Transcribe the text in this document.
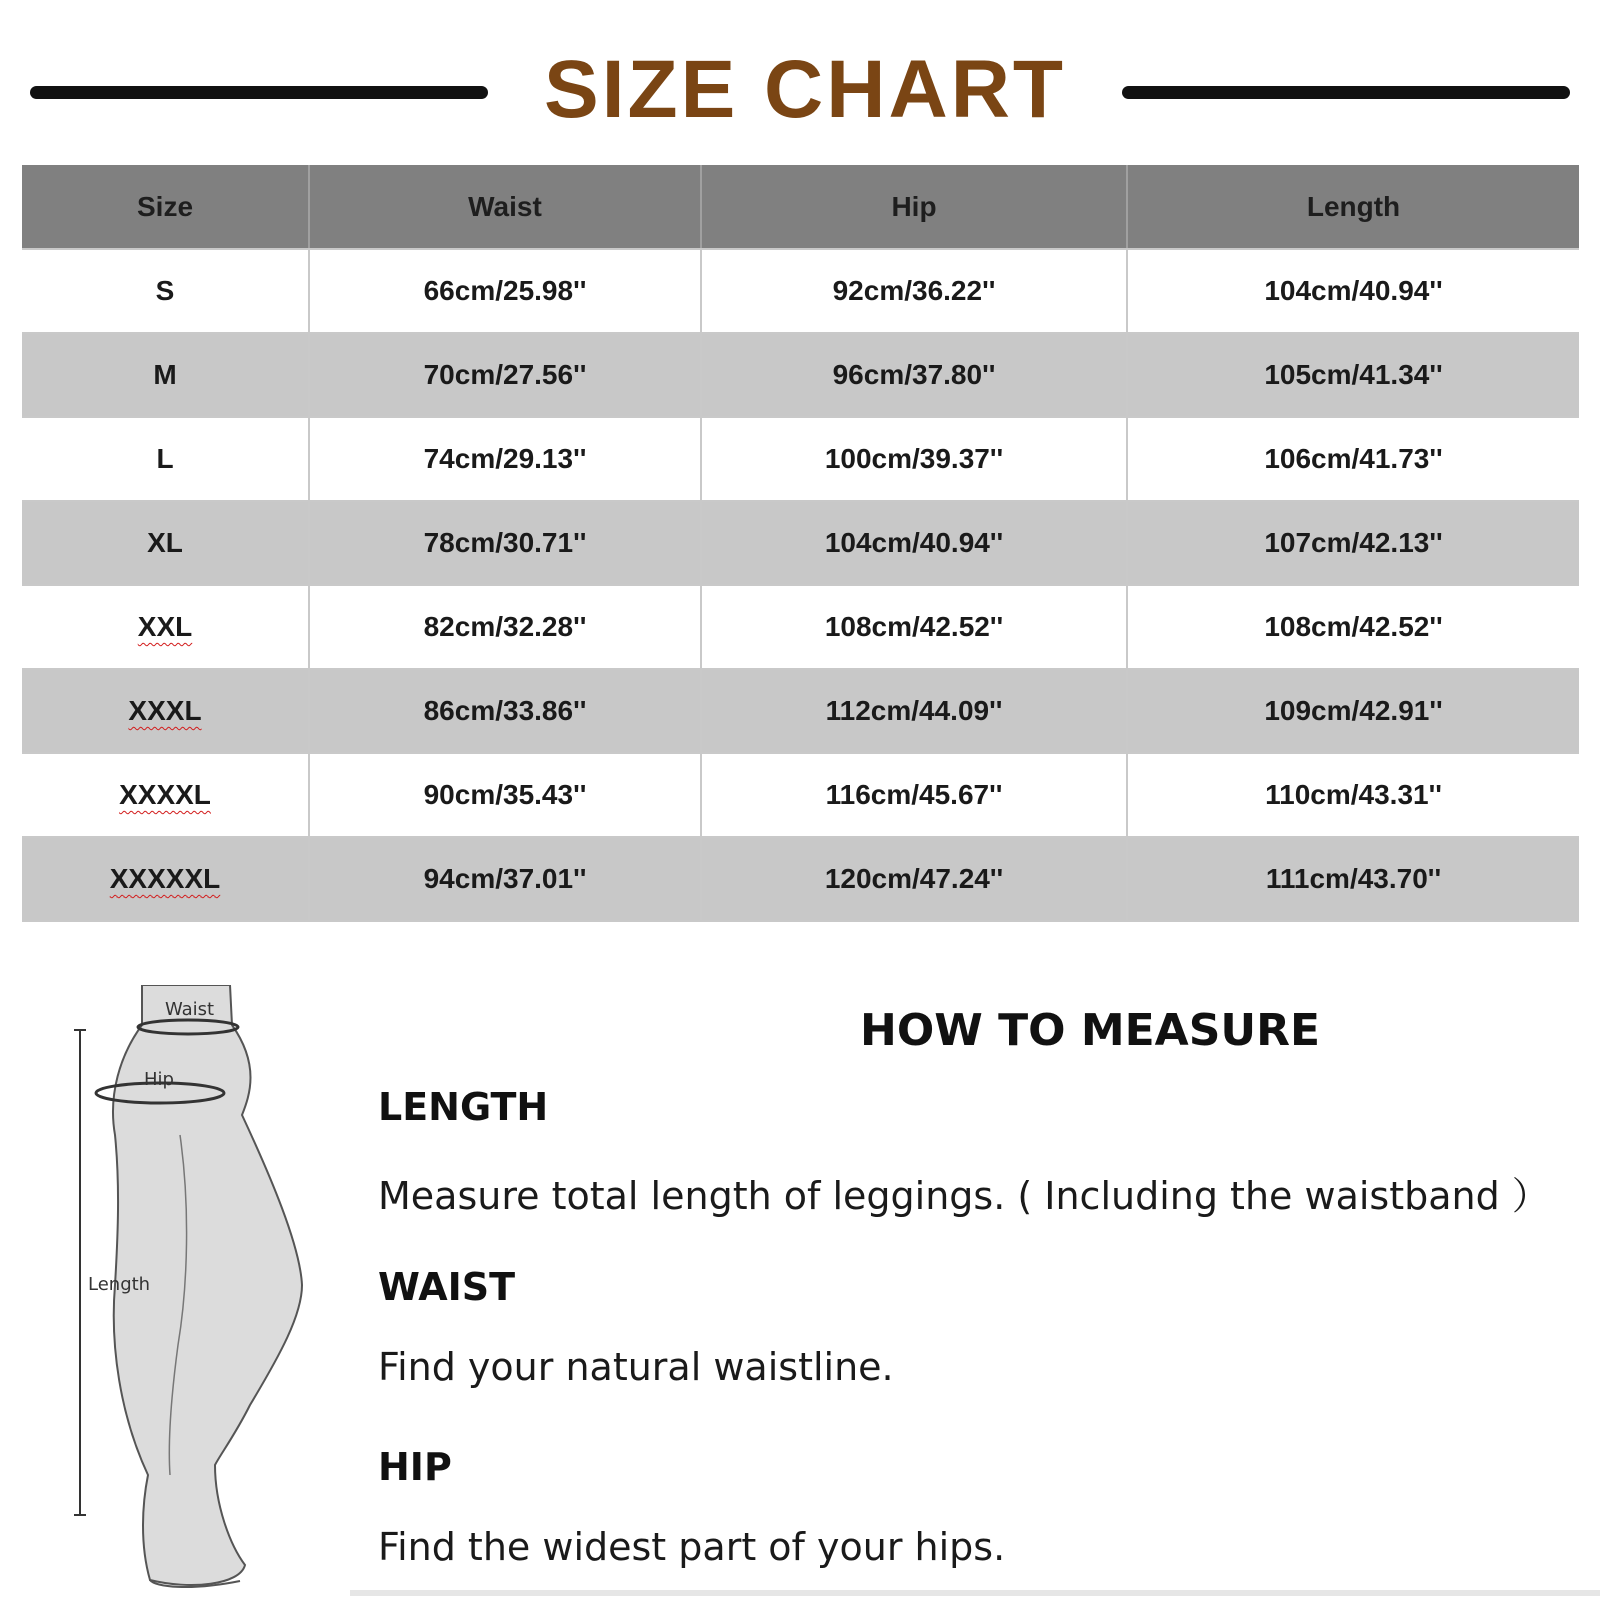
SIZE CHART
Size	Waist	Hip	Length
S	66cm/25.98''	92cm/36.22''	104cm/40.94''
M	70cm/27.56''	96cm/37.80''	105cm/41.34''
L	74cm/29.13''	100cm/39.37''	106cm/41.73''
XL	78cm/30.71''	104cm/40.94''	107cm/42.13''
XXL	82cm/32.28''	108cm/42.52''	108cm/42.52''
XXXL	86cm/33.86''	112cm/44.09''	109cm/42.91''
XXXXL	90cm/35.43''	116cm/45.67''	110cm/43.31''
XXXXXL	94cm/37.01''	120cm/47.24''	111cm/43.70''
Waist
Hip
Length
HOW TO MEASURE
LENGTH
Measure total length of leggings. ( Including the waistband ）
WAIST
Find your natural waistline.
HIP
Find the widest part of your hips.
